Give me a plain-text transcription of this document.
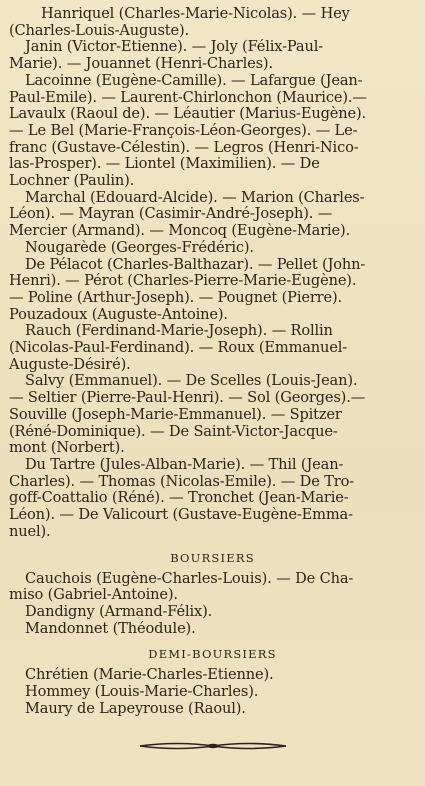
Hanriquel (Charles-Marie-Nicolas). — Hey
(Charles-Louis-Auguste).
Janin (Victor-Etienne). — Joly (Félix-Paul-
Marie). — Jouannet (Henri-Charles).
Lacoinne (Eugène-Camille). — Lafargue (Jean-
Paul-Emile). — Laurent-Chirlonchon (Maurice).—
Lavaulx (Raoul de). — Léautier (Marius-Eugène).
— Le Bel (Marie-François-Léon-Georges). — Le-
franc (Gustave-Célestin). — Legros (Henri-Nico-
las-Prosper). — Liontel (Maximilien). — De
Lochner (Paulin).
Marchal (Edouard-Alcide). — Marion (Charles-
Léon). — Mayran (Casimir-André-Joseph). —
Mercier (Armand). — Moncoq (Eugène-Marie).
Nougarède (Georges-Frédéric).
De Pélacot (Charles-Balthazar). — Pellet (John-
Henri). — Pérot (Charles-Pierre-Marie-Eugène).
— Poline (Arthur-Joseph). — Pougnet (Pierre).
Pouzadoux (Auguste-Antoine).
Rauch (Ferdinand-Marie-Joseph). — Rollin
(Nicolas-Paul-Ferdinand). — Roux (Emmanuel-
Auguste-Désiré).
Salvy (Emmanuel). — De Scelles (Louis-Jean).
— Seltier (Pierre-Paul-Henri). — Sol (Georges).—
Souville (Joseph-Marie-Emmanuel). — Spitzer
(Réné-Dominique). — De Saint-Victor-Jacque-
mont (Norbert).
Du Tartre (Jules-Alban-Marie). — Thil (Jean-
Charles). — Thomas (Nicolas-Emile). — De Tro-
goff-Coattalio (Réné). — Tronchet (Jean-Marie-
Léon). — De Valicourt (Gustave-Eugène-Emma-
nuel).
BOURSIERS
Cauchois (Eugène-Charles-Louis). — De Cha-
miso (Gabriel-Antoine).
Dandigny (Armand-Félix).
Mandonnet (Théodule).
DEMI-BOURSIERS
Chrétien (Marie-Charles-Etienne).
Hommey (Louis-Marie-Charles).
Maury de Lapeyrouse (Raoul).
